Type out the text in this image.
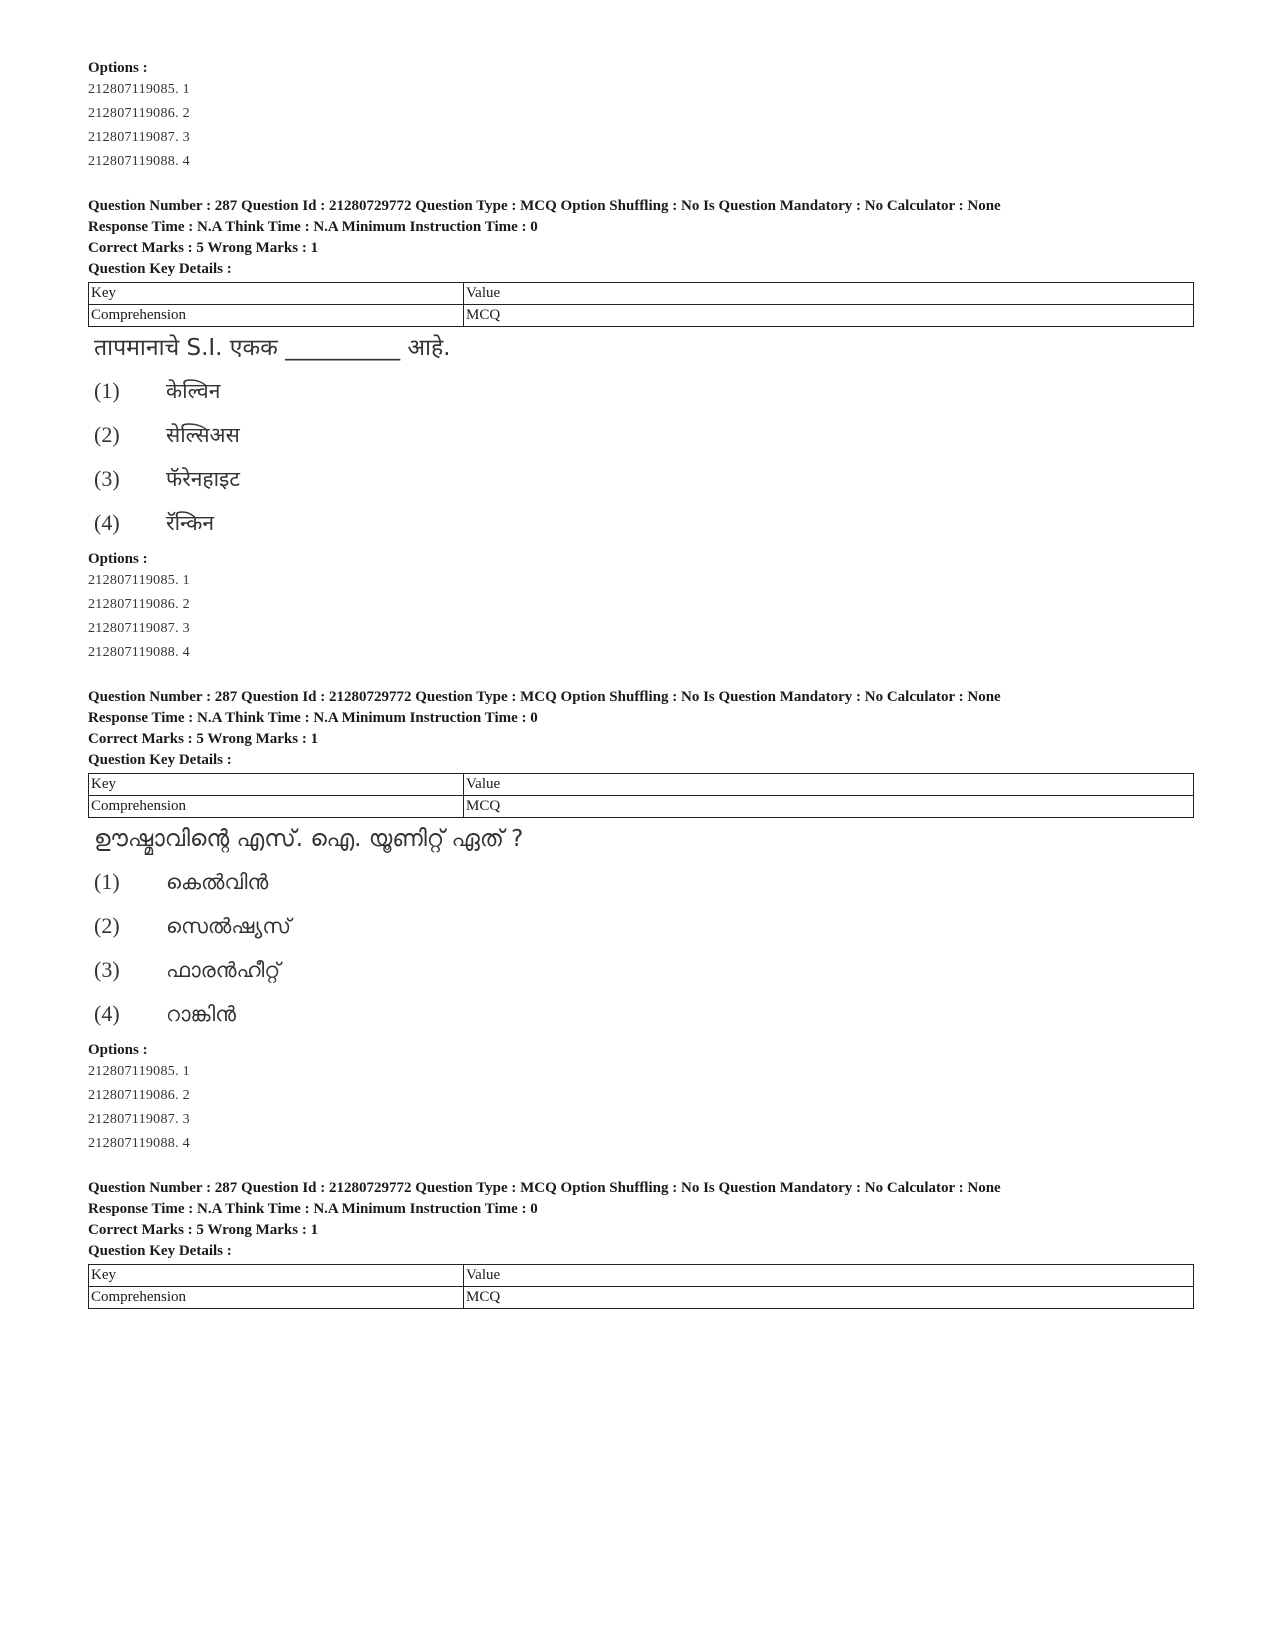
Options :
212807119085. 1
212807119086. 2
212807119087. 3
212807119088. 4
Question Number : 287 Question Id : 21280729772 Question Type : MCQ Option Shuffling : No Is Question Mandatory : No Calculator : None
Response Time : N.A Think Time : N.A Minimum Instruction Time : 0
Correct Marks : 5 Wrong Marks : 1
Question Key Details :
Key	Value
Comprehension	MCQ
तापमानाचे S.I. एकक __________ आहे.
(1)	केल्विन
(2)	सेल्सिअस
(3)	फॅरेनहाइट
(4)	रॅन्किन
Options :
212807119085. 1
212807119086. 2
212807119087. 3
212807119088. 4
Question Number : 287 Question Id : 21280729772 Question Type : MCQ Option Shuffling : No Is Question Mandatory : No Calculator : None
Response Time : N.A Think Time : N.A Minimum Instruction Time : 0
Correct Marks : 5 Wrong Marks : 1
Question Key Details :
Key	Value
Comprehension	MCQ
ഊഷ്മാവിന്റെ എസ്. ഐ. യൂണിറ്റ് ഏത് ?
(1)	കെൽവിൻ
(2)	സെൽഷ്യസ്
(3)	ഫാരൻഹീറ്റ്
(4)	റാങ്കിൻ
Options :
212807119085. 1
212807119086. 2
212807119087. 3
212807119088. 4
Question Number : 287 Question Id : 21280729772 Question Type : MCQ Option Shuffling : No Is Question Mandatory : No Calculator : None
Response Time : N.A Think Time : N.A Minimum Instruction Time : 0
Correct Marks : 5 Wrong Marks : 1
Question Key Details :
Key	Value
Comprehension	MCQ
